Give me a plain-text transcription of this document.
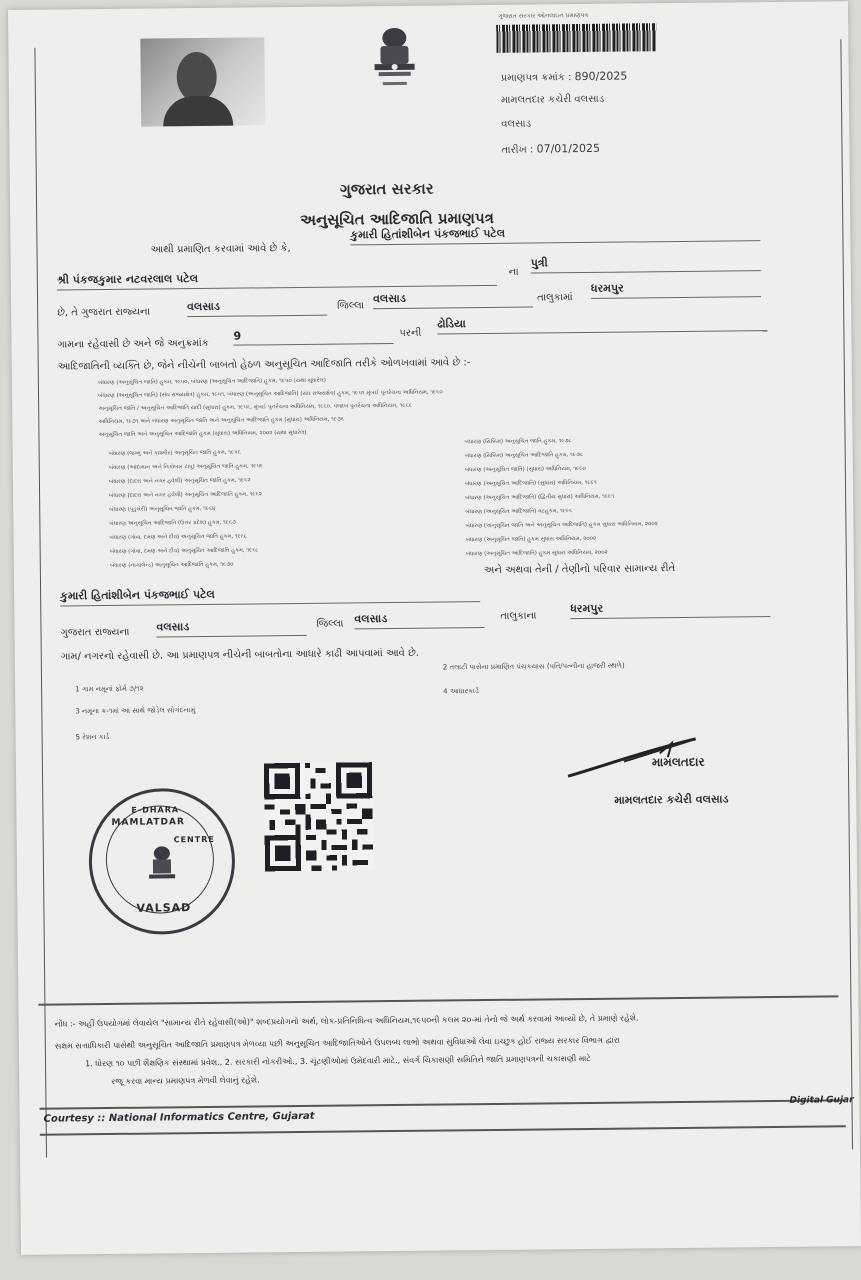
ગુજરાત સરકાર ઓનલાઇન પ્રમાણપત્ર
પ્રમાણપત્ર ક્રમાંક : 890/2025
મામલતદાર કચેરી વલસાડ
વલસાડ
તારીખ : 07/01/2025
ગુજરાત સરકાર
અનુસૂચિત આદિજાતિ પ્રમાણપત્ર
આથી પ્રમાણિત કરવામાં આવે છે કે,
કુમારી હિતાંશીબેન પંકજભાઈ પટેલ
શ્રી પંકજકુમાર નટવરલાલ પટેલ	ના
પુત્રી
છે, તે ગુજરાત રાજ્યના	વલસાડ	જિલ્લા
વલસાડ	તાલુકામાં
ધરમપુર
ગામના રહેવાસી છે અને જે અનુક્રમાંક
9	પરની
ઢોડિયા
આદિજાતિની વ્યક્તિ છે, જેને નીચેની બાબતો હેઠળ અનુસૂચિત આદિજાતિ તરીકે ઓળખવામાં આવે છે :-
બંધારણ (અનુસૂચિત જાતિ) હુકમ, ૧૯૫૦, બંધારણ (અનુસૂચિત આદિજાતિ) હુકમ, ૧૯૫૦ (યથા સુધારેલ)
બંધારણ (અનુસૂચિત જાતિ) (સંઘ રાજ્યક્ષેત્ર) હુકમ, ૧૯૫૧, બંધારણ (અનુસૂચિત આદિજાતિ) (સંઘ રાજ્યક્ષેત્ર) હુકમ, ૧૯૫૧ મુંબઈ પુનર્રચના અધિનિયમ, ૧૯૬૦
અનુસૂચિત જાતિ / અનુસૂચિત આદિજાતિ યાદી (સુધારા) હુકમ, ૧૯૫૬, મુંબઈ પુનર્રચના અધિનિયમ, ૧૯૬૦, પંજાબ પુનર્રચના અધિનિયમ, ૧૯૬૬
અધિનિયમ, ૧૯૭૧ અને બંધારણ અનુસૂચિત જાતિ અને અનુસૂચિત આદિજાતિ હુકમ (સુધારા) અધિનિયમ, ૧૯૭૬
અનુસૂચિત જાતિ અને અનુસૂચિત આદિજાતિ હુકમ (સુધારા) અધિનિયમ, ૨૦૦૨ (યથા સુધારેલ)
બંધારણ (જમ્મુ અને કાશ્મીર) અનુસૂચિત જાતિ હુકમ, ૧૯૫૬
બંધારણ (આંદામાન અને નિકોબાર ટાપુ) અનુસૂચિત જાતિ હુકમ, ૧૯૫૯
બંધારણ (દાદરા અને નગર હવેલી) અનુસૂચિત જાતિ હુકમ, ૧૯૬૨
બંધારણ (દાદરા અને નગર હવેલી) અનુસૂચિત આદિજાતિ હુકમ, ૧૯૬૨
બંધારણ (પુડુચેરી) અનુસૂચિત જાતિ હુકમ, ૧૯૬૪
બંધારણ અનુસૂચિત આદિજાતિ (ઉત્તર પ્રદેશ) હુકમ, ૧૯૬૭
બંધારણ (ગોવા, દમણ અને દીવ) અનુસૂચિત જાતિ હુકમ, ૧૯૬૮
બંધારણ (ગોવા, દમણ અને દીવ) અનુસૂચિત આદિજાતિ હુકમ, ૧૯૬૮
બંધારણ (નાગાલેન્ડ) અનુસૂચિત આદિજાતિ હુકમ, ૧૯૭૦
બંધારણ (સિક્કિમ) અનુસૂચિત જાતિ હુકમ, ૧૯૭૮
બંધારણ (સિક્કિમ) અનુસૂચિત આદિજાતિ હુકમ, ૧૯૭૮
બંધારણ (અનુસૂચિત જાતિ) (સુધારા) અધિનિયમ, ૧૯૯૦
બંધારણ (અનુસૂચિત આદિજાતિ) (સુધારા) અધિનિયમ, ૧૯૯૧
બંધારણ (અનુસૂચિત આદિજાતિ) (દ્વિતીય સુધારા) અધિનિયમ, ૧૯૯૧
બંધારણ (અનુસૂચિત આદિજાતિ) વટહુકમ, ૧૯૯૬
બંધારણ (અનુસૂચિત જાતિ અને અનુસૂચિત આદિજાતિ) હુકમ સુધારા અધિનિયમ, ૨૦૦૨
બંધારણ (અનુસૂચિત જાતિ) હુકમ સુધારા અધિનિયમ, ૨૦૦૨
બંધારણ (અનુસૂચિત આદિજાતિ) હુકમ સુધારા અધિનિયમ, ૨૦૦૨
અને અથવા તેની / તેણીનો પરિવાર સામાન્ય રીતે
કુમારી હિતાંશીબેન પંકજભાઈ પટેલ
ગુજરાત રાજ્યના વલસાડ	જિલ્લા વલસાડ	તાલુકાના
ધરમપુર
ગામ/ નગરનો રહેવાસી છે. આ પ્રમાણપત્ર નીચેની બાબતોના આધારે કાઢી આપવામાં આવે છે.
1 ગામ નમૂનાં ફોર્મ ૭/૧૨
2 તલાટી પાસેના પ્રમાણિત પંચકયાસ (પતિ/પત્નીના હાજરી સ્થળે)
3 નમૂના ક્ર-૧માં આ સાથે જોડેલ સોગંદનામું
4 આધારકાર્ડ
5 રેશન કાર્ડ
મામલતદાર
મામલતદાર કચેરી વલસાડ
MAMLATDAR
E-DHARA
CENTRE
VALSAD
નોંધ :- અહીં ઉપયોગમાં લેવાયેલ "સામાન્ય રીતે રહેવાસી(ઓ)" શબ્દપ્રયોગનો અર્થ, લોક-પ્રતિનિધિત્વ અધિનિયમ,૧૯૫૦ની કલમ ૨૦-માં તેનો જે અર્થ કરવામાં આવ્યો છે, તે પ્રમાણે રહેશે.
સક્ષમ સત્તાધિકારી પાસેથી અનુસૂચિત આદિજાતિ પ્રમાણપત્ર મેળવ્યા પછી અનુસૂચિત આદિજાતિઓને ઉપલબ્ધ લાભો અથવા સુવિધાઓ લેવા ઇચ્છુક હોઈ રાજ્ય સરકાર વિભાગ દ્વારા
1. ધોરણ ૧૦ પછી શૈક્ષણિક સંસ્થામાં પ્રવેશ., 2. સરકારી નોકરીઓ., 3. ચૂંટણીઓમાં ઉમેદવારી માટે., સંવર્ગ ચિકાસણી સમિતિને જાતિ પ્રમાણપત્રની ચકાસણી માટે
રજૂ કરવા માન્ય પ્રમાણપત્ર મેળવી લેવાનું રહેશે.
Courtesy :: National Informatics Centre, Gujarat
Digital Gujar
